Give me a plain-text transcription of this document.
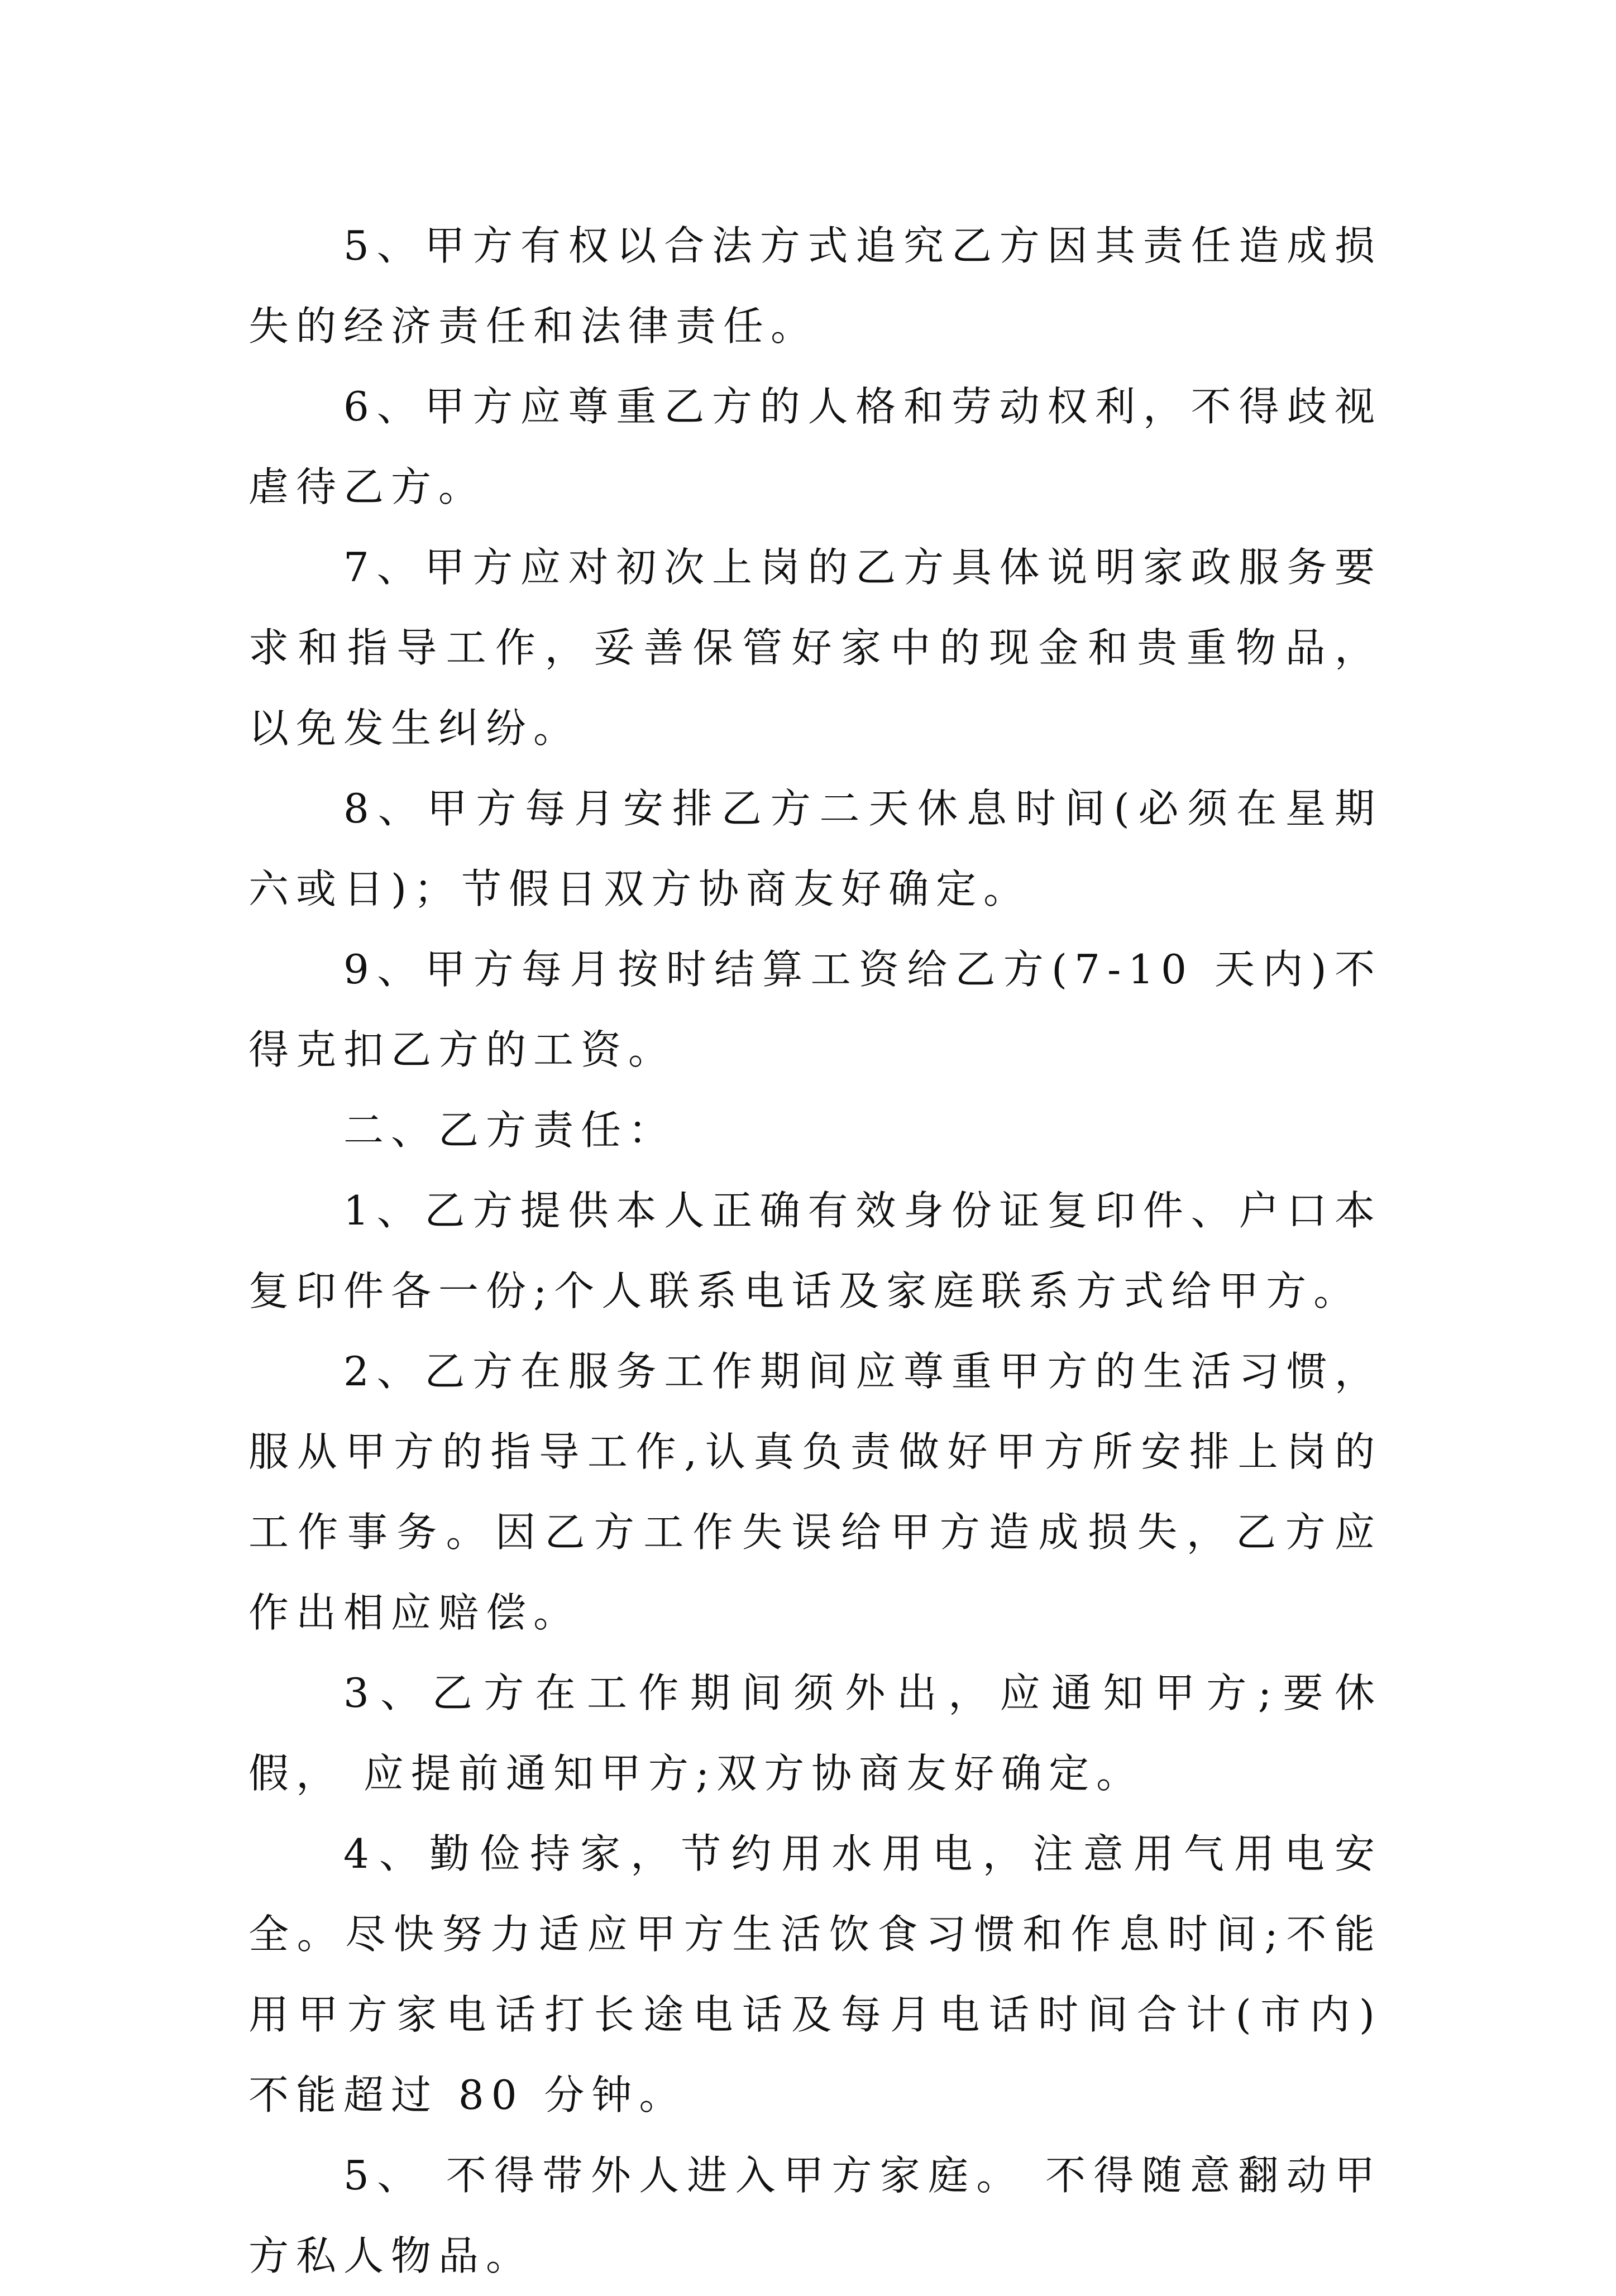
5、甲方有权以合法方式追究乙方因其责任造成损失的经济责任和法律责任。

6、甲方应尊重乙方的人格和劳动权利，不得歧视虐待乙方。

7、甲方应对初次上岗的乙方具体说明家政服务要求和指导工作，妥善保管好家中的现金和贵重物品，以免发生纠纷。

8、甲方每月安排乙方二天休息时间(必须在星期六或日)；节假日双方协商友好确定。

9、甲方每月按时结算工资给乙方(7-10 天内)不得克扣乙方的工资。

二、乙方责任：

1、乙方提供本人正确有效身份证复印件、户口本复印件各一份;个人联系电话及家庭联系方式给甲方。

2、乙方在服务工作期间应尊重甲方的生活习惯，服从甲方的指导工作,认真负责做好甲方所安排上岗的工作事务。因乙方工作失误给甲方造成损失，乙方应作出相应赔偿。

3、乙方在工作期间须外出，应通知甲方;要休假， 应提前通知甲方;双方协商友好确定。

4、勤俭持家，节约用水用电，注意用气用电安全。尽快努力适应甲方生活饮食习惯和作息时间;不能用甲方家电话打长途电话及每月电话时间合计(市内)不能超过 80 分钟。

5、 不得带外人进入甲方家庭。 不得随意翻动甲方私人物品。
